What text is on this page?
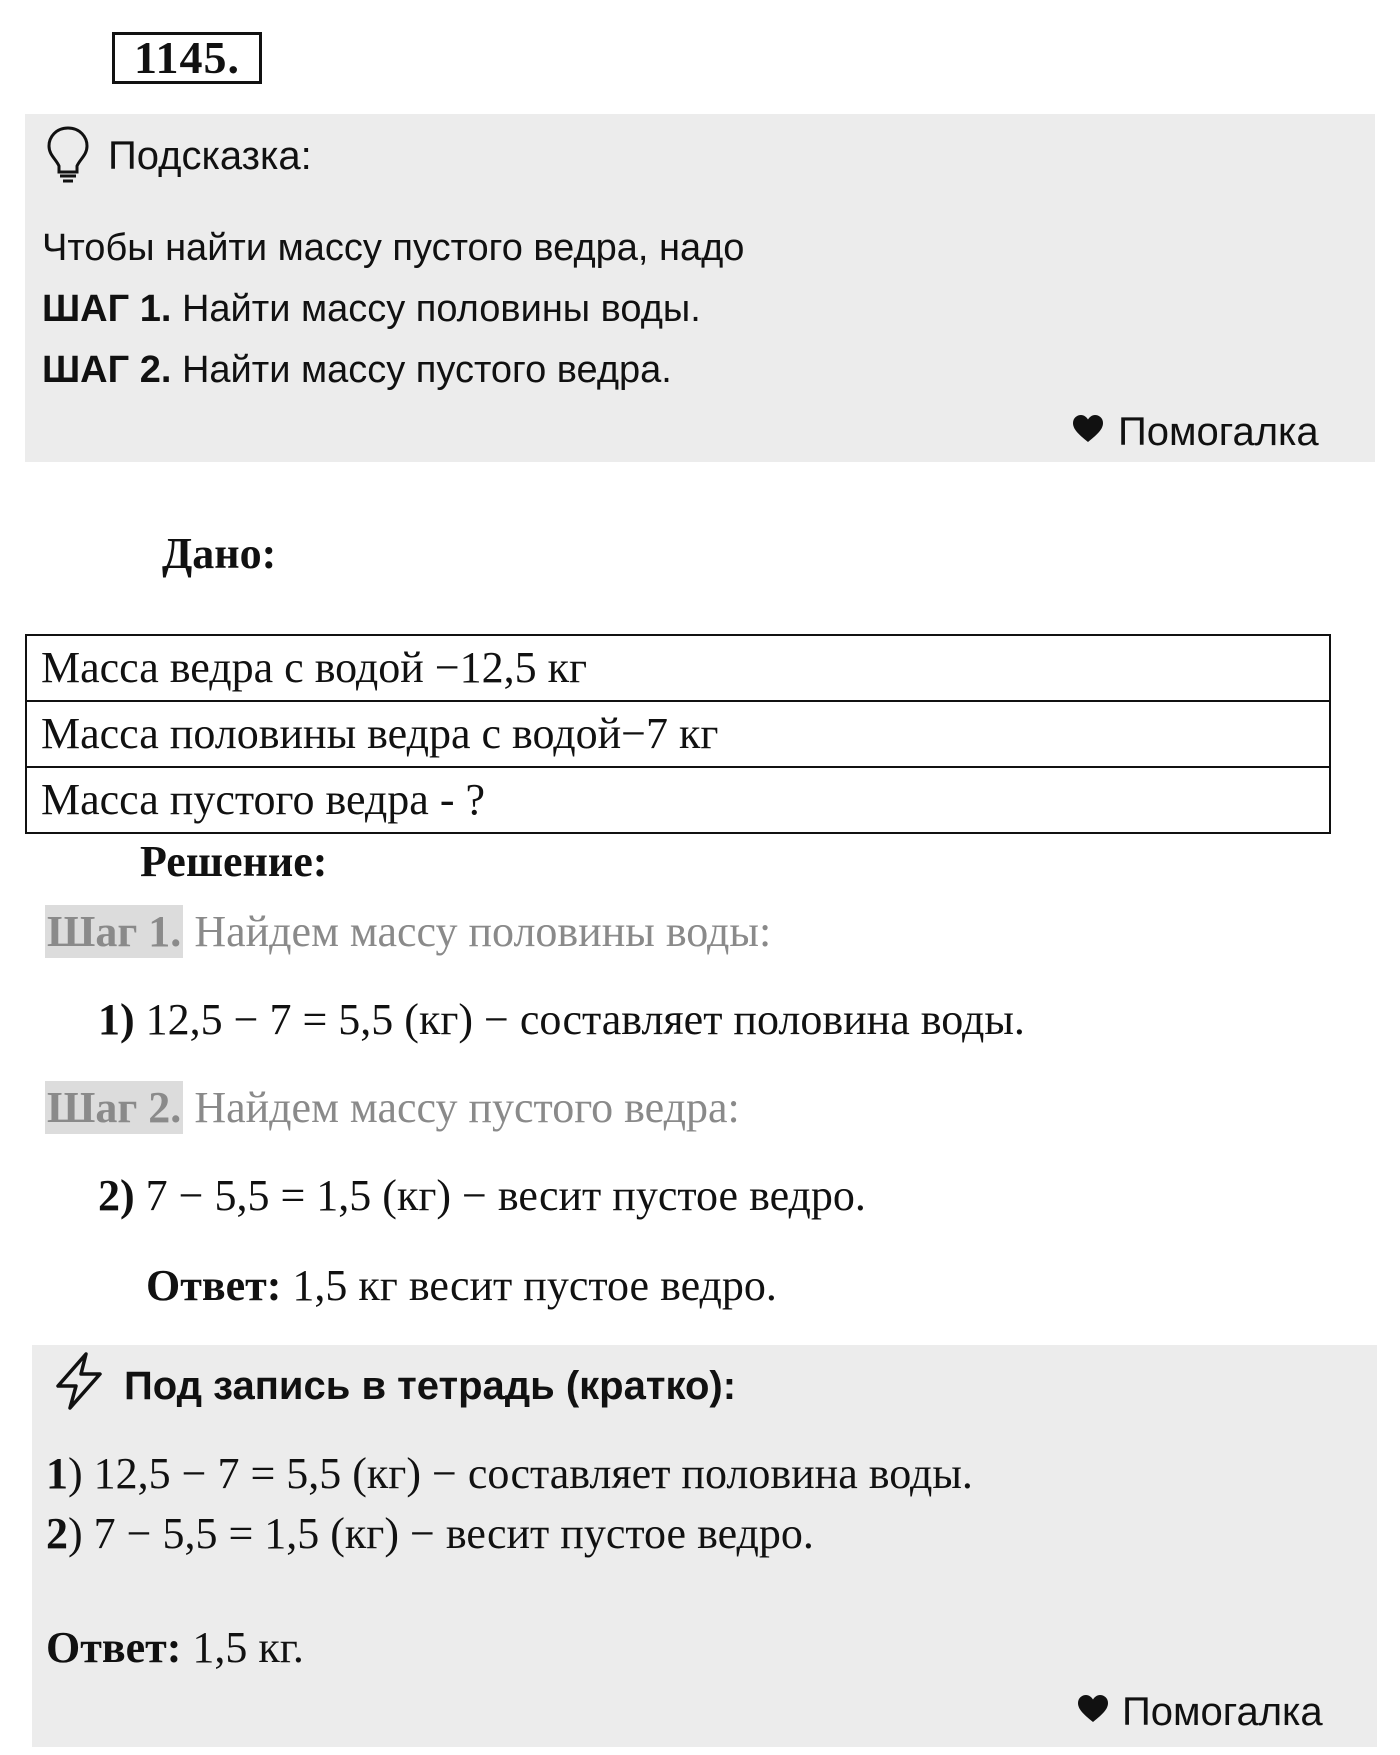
1145.
Подсказка:
Чтобы найти массу пустого ведра, надо
ШАГ 1. Найти массу половины воды.
ШАГ 2. Найти массу пустого ведра.
Помогалка
Дано:
Масса ведра с водой −12,5 кг
Масса половины ведра с водой−7 кг
Масса пустого ведра - ?
Решение:
Шаг 1. Найдем массу половины воды:
1) 12,5 − 7 = 5,5 (кг) − составляет половина воды.
Шаг 2. Найдем массу пустого ведра:
2) 7 − 5,5 = 1,5 (кг) − весит пустое ведро.
Ответ: 1,5 кг весит пустое ведро.
Под запись в тетрадь (кратко):
1) 12,5 − 7 = 5,5 (кг) − составляет половина воды.
2) 7 − 5,5 = 1,5 (кг) − весит пустое ведро.
Ответ: 1,5 кг.
Помогалка
